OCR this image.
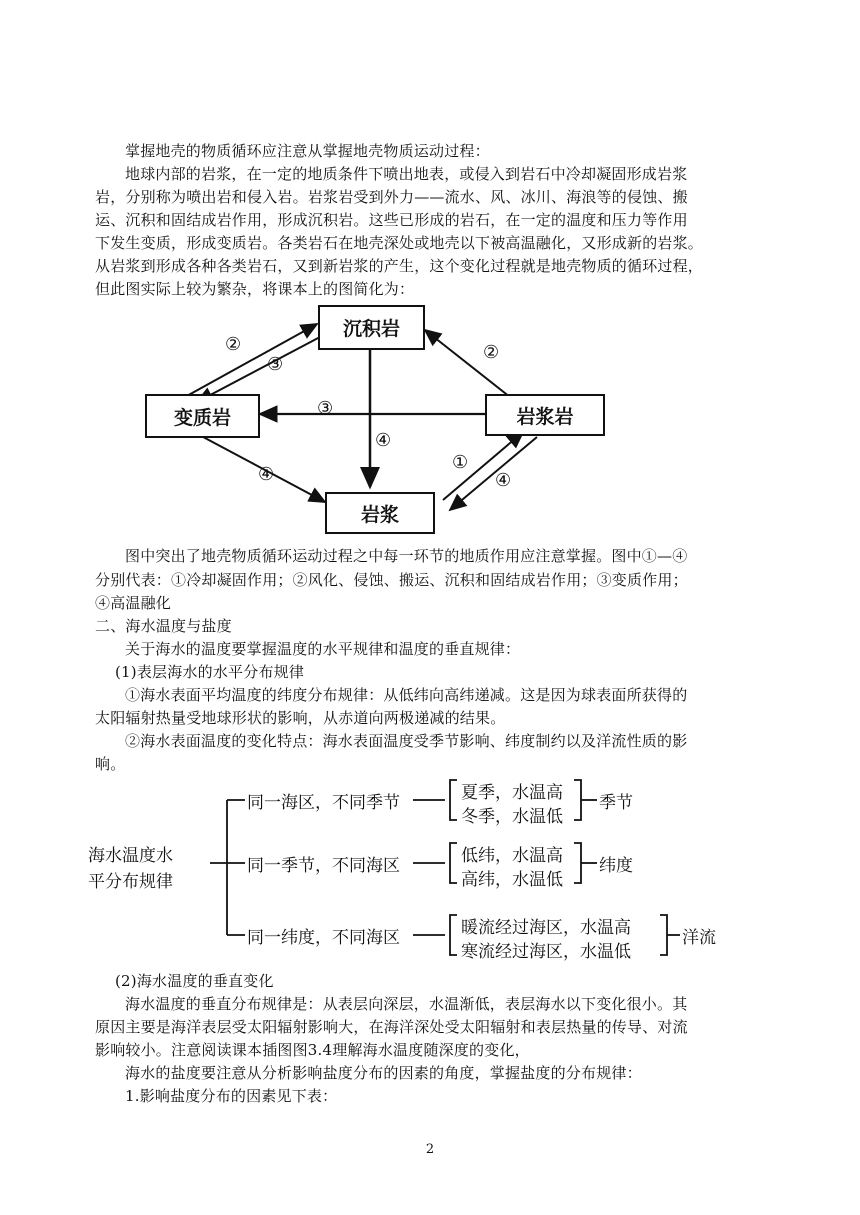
掌握地壳的物质循环应注意从掌握地壳物质运动过程：
地球内部的岩浆，在一定的地质条件下喷出地表，或侵入到岩石中冷却凝固形成岩浆
岩，分别称为喷出岩和侵入岩。岩浆岩受到外力——流水、风、冰川、海浪等的侵蚀、搬
运、沉积和固结成岩作用，形成沉积岩。这些已形成的岩石，在一定的温度和压力等作用
下发生变质，形成变质岩。各类岩石在地壳深处或地壳以下被高温融化，又形成新的岩浆。
从岩浆到形成各种各类岩石，又到新岩浆的产生，这个变化过程就是地壳物质的循环过程，
但此图实际上较为繁杂，将课本上的图简化为：
沉积岩
变质岩	岩浆岩
岩浆
②
③
②
③
④
④
①
④
图中突出了地壳物质循环运动过程之中每一环节的地质作用应注意掌握。图中①—④
分别代表：①冷却凝固作用；②风化、侵蚀、搬运、沉积和固结成岩作用；③变质作用；
④高温融化
二、海水温度与盐度
关于海水的温度要掌握温度的水平规律和温度的垂直规律：
(1)表层海水的水平分布规律
①海水表面平均温度的纬度分布规律：从低纬向高纬递减。这是因为球表面所获得的
太阳辐射热量受地球形状的影响，从赤道向两极递减的结果。
②海水表面温度的变化特点：海水表面温度受季节影响、纬度制约以及洋流性质的影
响。
海水温度水
平分布规律
同一海区，不同季节	夏季，水温高
冬季，水温低
季节
同一季节，不同海区	低纬，水温高
高纬，水温低
纬度
同一纬度，不同海区	暖流经过海区，水温高
寒流经过海区，水温低
洋流
(2)海水温度的垂直变化
海水温度的垂直分布规律是：从表层向深层，水温渐低，表层海水以下变化很小。其
原因主要是海洋表层受太阳辐射影响大，在海洋深处受太阳辐射和表层热量的传导、对流
影响较小。注意阅读课本插图图3.4理解海水温度随深度的变化，
海水的盐度要注意从分析影响盐度分布的因素的角度，掌握盐度的分布规律：
1.影响盐度分布的因素见下表：
2
